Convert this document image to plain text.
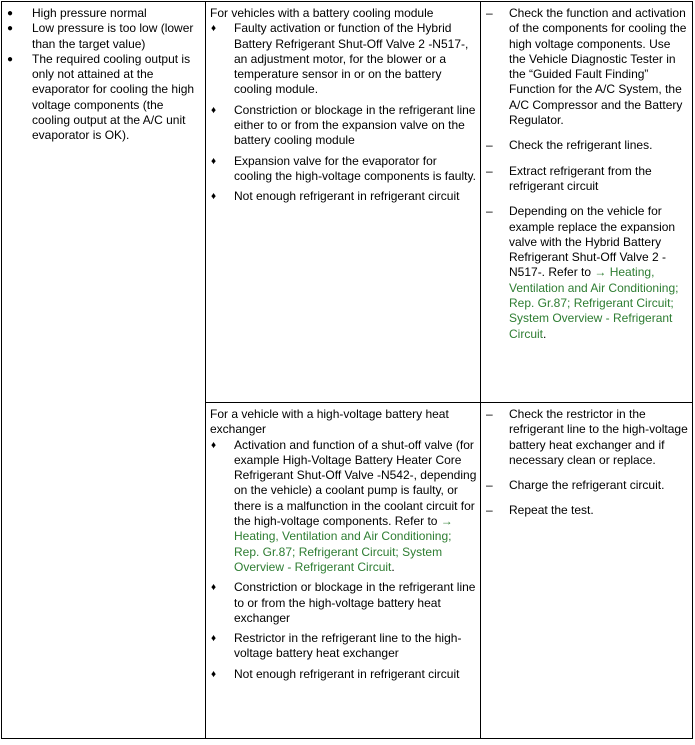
● High pressure normal
● Low pressure is too low (lower than the target value)
● The required cooling output is only not attained at the evaporator for cooling the high voltage components (the cooling output at the A/C unit evaporator is OK).
For vehicles with a battery cooling module
♦ Faulty activation or function of the Hybrid Battery Refrigerant Shut-Off Valve 2 -N517-, an adjustment motor, for the blower or a temperature sensor in or on the battery cooling module.
♦ Constriction or blockage in the refrigerant line either to or from the expansion valve on the battery cooling module
♦ Expansion valve for the evaporator for cooling the high-voltage components is faulty.
♦ Not enough refrigerant in refrigerant circuit
– Check the function and activation of the components for cooling the high voltage components. Use the Vehicle Diagnostic Tester in the “Guided Fault Finding” Function for the A/C System, the A/C Compressor and the Battery Regulator.
– Check the refrigerant lines.
– Extract refrigerant from the refrigerant circuit
– Depending on the vehicle for example replace the expansion valve with the Hybrid Battery Refrigerant Shut-Off Valve 2 -N517-. Refer to → Heating, Ventilation and Air Conditioning; Rep. Gr.87; Refrigerant Circuit; System Overview - Refrigerant Circuit.
For a vehicle with a high-voltage battery heat exchanger
♦ Activation and function of a shut-off valve (for example High-Voltage Battery Heater Core Refrigerant Shut-Off Valve -N542-, depending on the vehicle) a coolant pump is faulty, or there is a malfunction in the coolant circuit for the high-voltage components. Refer to → Heating, Ventilation and Air Conditioning; Rep. Gr.87; Refrigerant Circuit; System Overview - Refrigerant Circuit.
♦ Constriction or blockage in the refrigerant line to or from the high-voltage battery heat exchanger
♦ Restrictor in the refrigerant line to the high-voltage battery heat exchanger
♦ Not enough refrigerant in refrigerant circuit
– Check the restrictor in the refrigerant line to the high-voltage battery heat exchanger and if necessary clean or replace.
– Charge the refrigerant circuit.
– Repeat the test.
